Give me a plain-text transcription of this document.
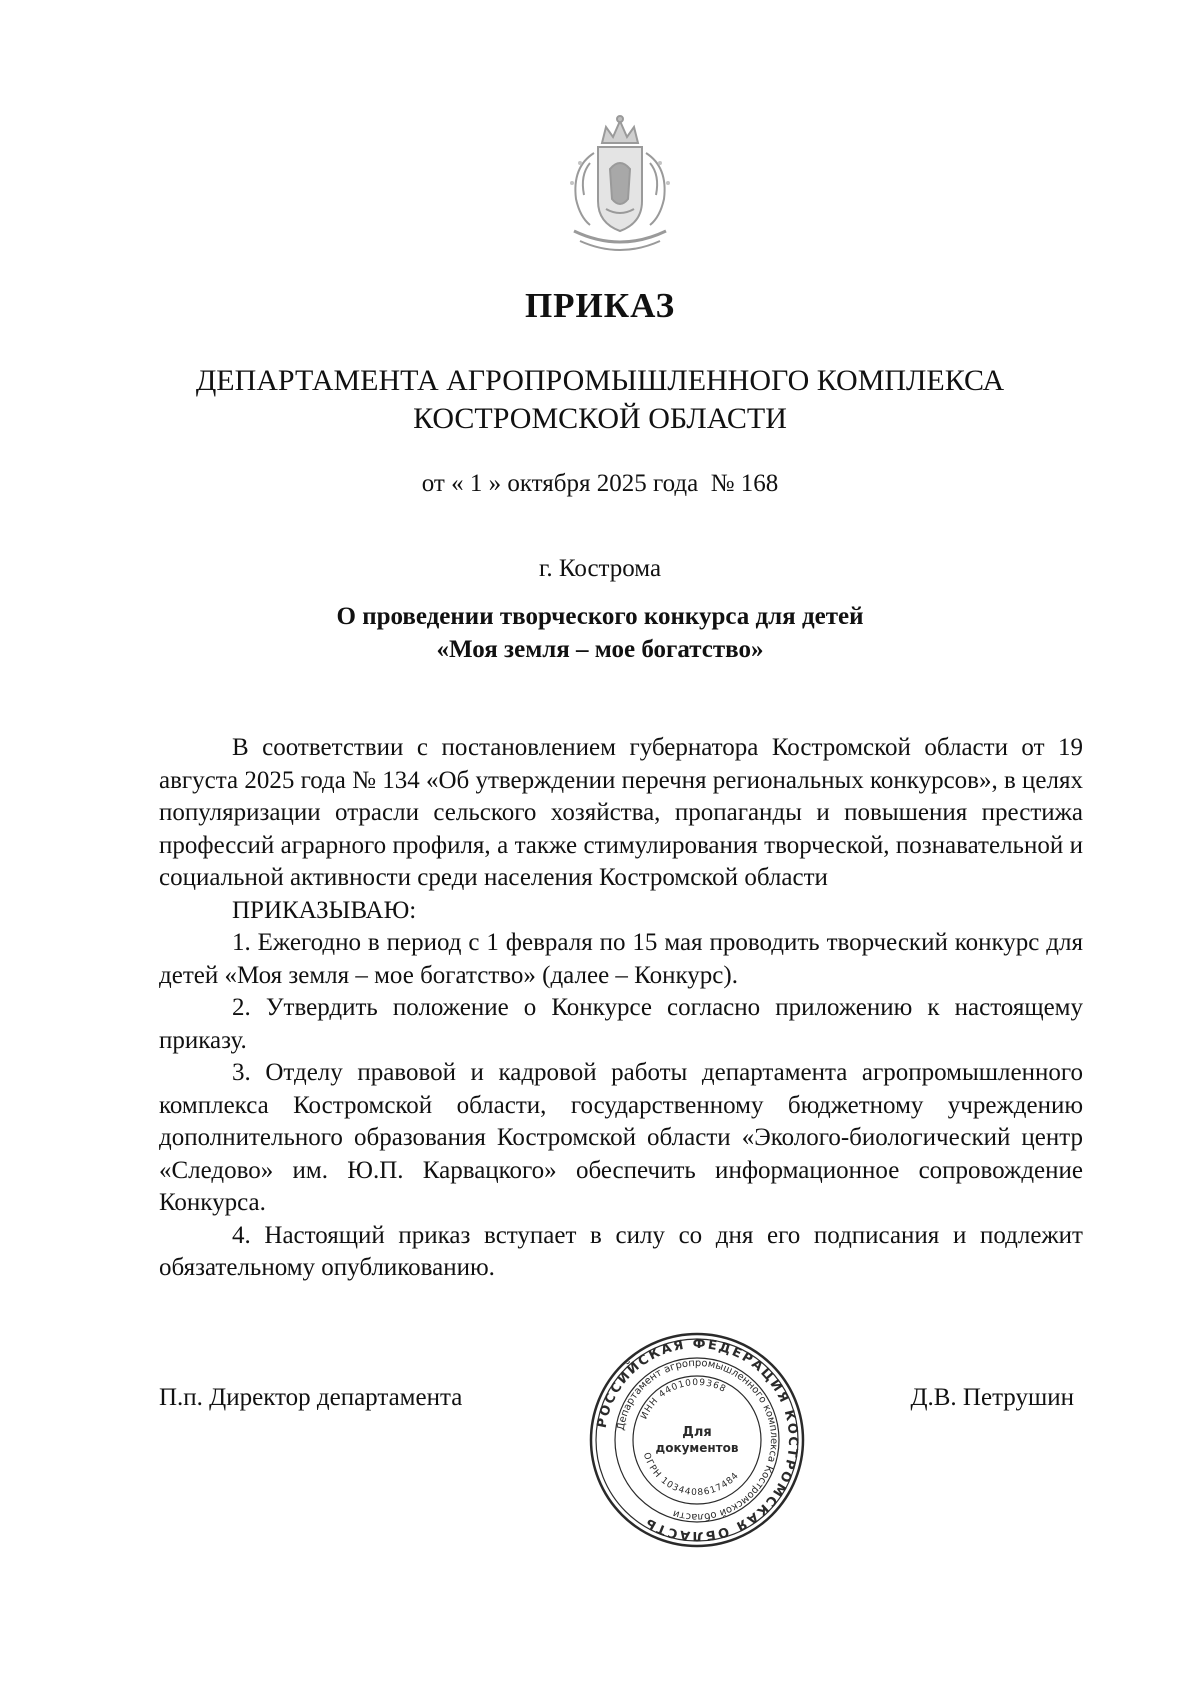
ПРИКАЗ
ДЕПАРТАМЕНТА АГРОПРОМЫШЛЕННОГО КОМПЛЕКСА
КОСТРОМСКОЙ ОБЛАСТИ
от « 1 » октября 2025 года  № 168
г. Кострома
О проведении творческого конкурса для детей
«Моя земля – мое богатство»

В соответствии с постановлением губернатора Костромской области от 19 августа 2025 года № 134 «Об утверждении перечня региональных конкурсов», в целях популяризации отрасли сельского хозяйства, пропаганды и повышения престижа профессий аграрного профиля, а также стимулирования творческой, познавательной и социальной активности среди населения Костромской области

ПРИКАЗЫВАЮ:

1. Ежегодно в период с 1 февраля по 15 мая проводить творческий конкурс для детей «Моя земля – мое богатство» (далее – Конкурс).

2. Утвердить положение о Конкурсе согласно приложению к настоящему приказу.

3. Отделу правовой и кадровой работы департамента агропромышленного комплекса Костромской области, государственному бюджетному учреждению дополнительного образования Костромской области «Эколого-биологический центр «Следово» им. Ю.П. Карвацкого» обеспечить информационное сопровождение Конкурса.

4. Настоящий приказ вступает в силу со дня его подписания и подлежит обязательному опубликованию.

П.п. Директор департамента	Д.В. Петрушин
РОССИЙСКАЯ ФЕДЕРАЦИЯ КОСТРОМСКАЯ ОБЛАСТЬ
Департамент агропромышленного комплекса Костромской области
ИНН 4401009368
ОГРН 1034408617484
Для
документов
